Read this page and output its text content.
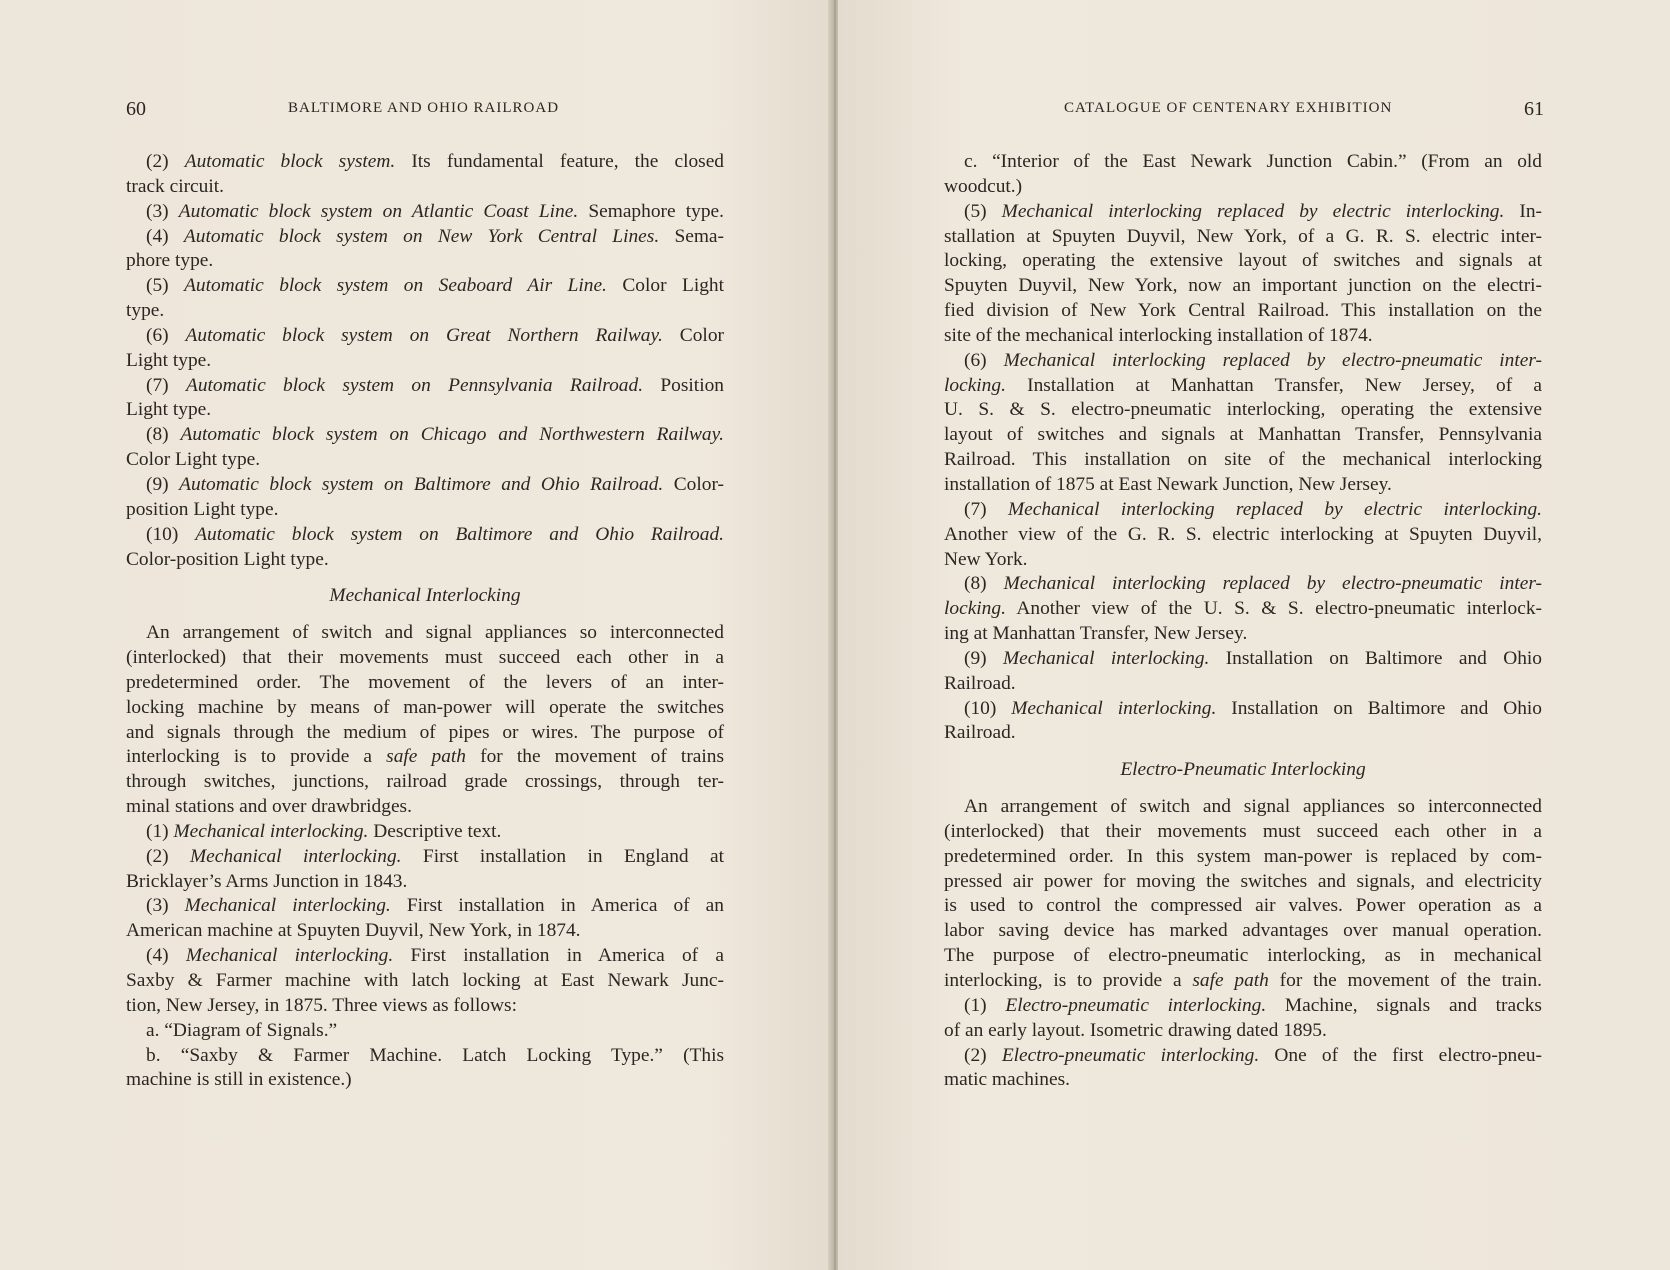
60	BALTIMORE AND OHIO RAILROAD
(2) Automatic block system. Its fundamental feature, the closed
track circuit.
(3) Automatic block system on Atlantic Coast Line. Semaphore type.
(4) Automatic block system on New York Central Lines. Sema-
phore type.
(5) Automatic block system on Seaboard Air Line. Color Light
type.
(6) Automatic block system on Great Northern Railway. Color
Light type.
(7) Automatic block system on Pennsylvania Railroad. Position
Light type.
(8) Automatic block system on Chicago and Northwestern Railway.
Color Light type.
(9) Automatic block system on Baltimore and Ohio Railroad. Color-
position Light type.
(10) Automatic block system on Baltimore and Ohio Railroad.
Color-position Light type.
Mechanical Interlocking
An arrangement of switch and signal appliances so interconnected
(interlocked) that their movements must succeed each other in a
predetermined order. The movement of the levers of an inter-
locking machine by means of man-power will operate the switches
and signals through the medium of pipes or wires. The purpose of
interlocking is to provide a safe path for the movement of trains
through switches, junctions, railroad grade crossings, through ter-
minal stations and over drawbridges.
(1) Mechanical interlocking. Descriptive text.
(2) Mechanical interlocking. First installation in England at
Bricklayer’s Arms Junction in 1843.
(3) Mechanical interlocking. First installation in America of an
American machine at Spuyten Duyvil, New York, in 1874.
(4) Mechanical interlocking. First installation in America of a
Saxby & Farmer machine with latch locking at East Newark Junc-
tion, New Jersey, in 1875. Three views as follows:
a. “Diagram of Signals.”
b. “Saxby & Farmer Machine. Latch Locking Type.” (This
machine is still in existence.)
61
CATALOGUE OF CENTENARY EXHIBITION
c. “Interior of the East Newark Junction Cabin.” (From an old
woodcut.)
(5) Mechanical interlocking replaced by electric interlocking. In-
stallation at Spuyten Duyvil, New York, of a G. R. S. electric inter-
locking, operating the extensive layout of switches and signals at
Spuyten Duyvil, New York, now an important junction on the electri-
fied division of New York Central Railroad. This installation on the
site of the mechanical interlocking installation of 1874.
(6) Mechanical interlocking replaced by electro-pneumatic inter-
locking. Installation at Manhattan Transfer, New Jersey, of a
U. S. & S. electro-pneumatic interlocking, operating the extensive
layout of switches and signals at Manhattan Transfer, Pennsylvania
Railroad. This installation on site of the mechanical interlocking
installation of 1875 at East Newark Junction, New Jersey.
(7) Mechanical interlocking replaced by electric interlocking.
Another view of the G. R. S. electric interlocking at Spuyten Duyvil,
New York.
(8) Mechanical interlocking replaced by electro-pneumatic inter-
locking. Another view of the U. S. & S. electro-pneumatic interlock-
ing at Manhattan Transfer, New Jersey.
(9) Mechanical interlocking. Installation on Baltimore and Ohio
Railroad.
(10) Mechanical interlocking. Installation on Baltimore and Ohio
Railroad.
Electro-Pneumatic Interlocking
An arrangement of switch and signal appliances so interconnected
(interlocked) that their movements must succeed each other in a
predetermined order. In this system man-power is replaced by com-
pressed air power for moving the switches and signals, and electricity
is used to control the compressed air valves. Power operation as a
labor saving device has marked advantages over manual operation.
The purpose of electro-pneumatic interlocking, as in mechanical
interlocking, is to provide a safe path for the movement of the train.
(1) Electro-pneumatic interlocking. Machine, signals and tracks
of an early layout. Isometric drawing dated 1895.
(2) Electro-pneumatic interlocking. One of the first electro-pneu-
matic machines.
